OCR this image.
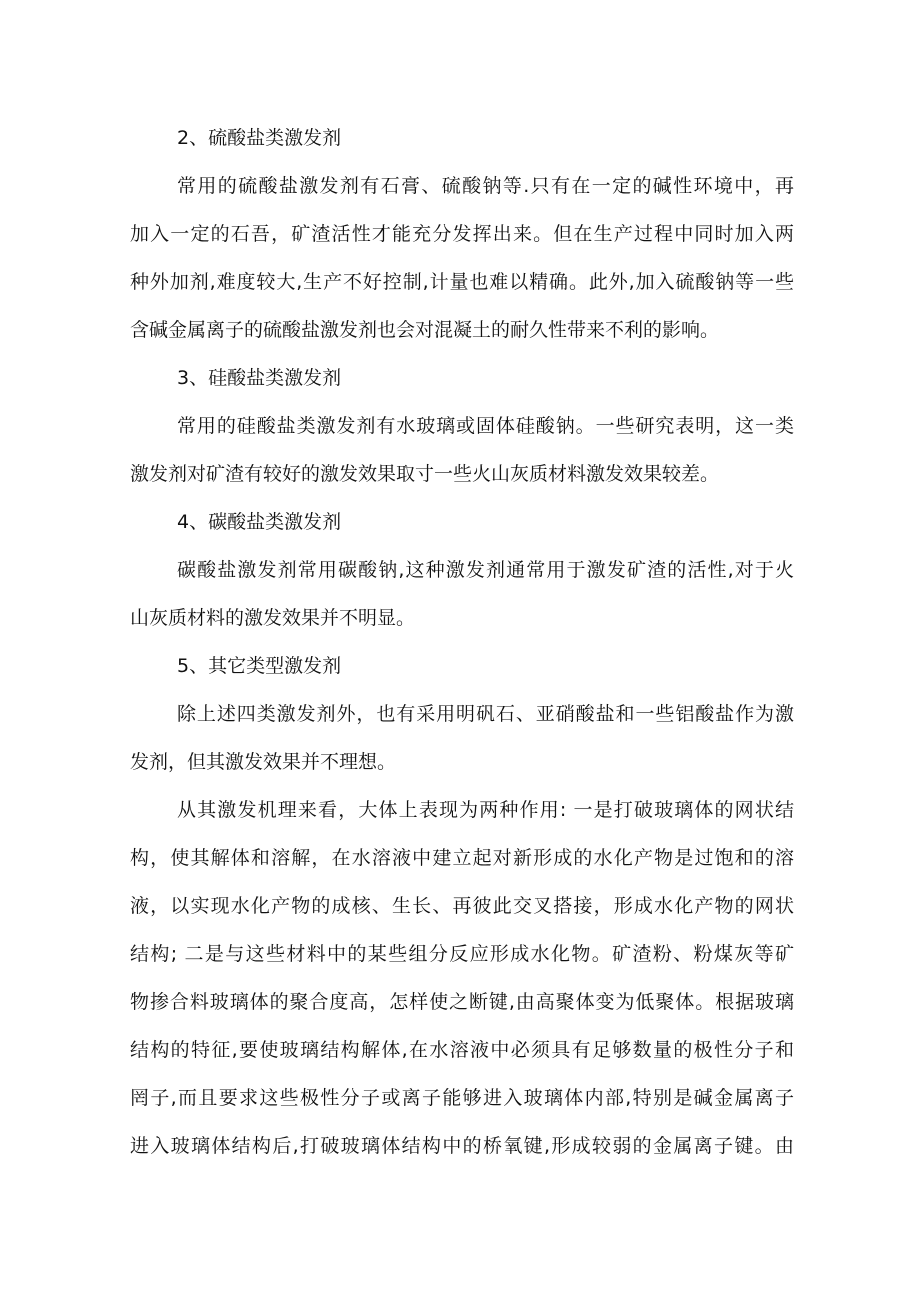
2、硫酸盐类激发剂

常用的硫酸盐激发剂有石膏、硫酸钠等.只有在一定的碱性环境中，再
加入一定的石吾，矿渣活性才能充分发挥出来。但在生产过程中同时加入两
种外加剂,难度较大,生产不好控制,计量也难以精确。此外,加入硫酸钠等一些
含碱金属离子的硫酸盐激发剂也会对混凝土的耐久性带来不利的影响。

3、硅酸盐类激发剂

常用的硅酸盐类激发剂有水玻璃或固体硅酸钠。一些研究表明，这一类
激发剂对矿渣有较好的激发效果取寸一些火山灰质材料激发效果较差。

4、碳酸盐类激发剂

碳酸盐激发剂常用碳酸钠,这种激发剂通常用于激发矿渣的活性,对于火
山灰质材料的激发效果并不明显。

5、其它类型激发剂

除上述四类激发剂外，也有采用明矾石、亚硝酸盐和一些铝酸盐作为激
发剂，但其激发效果并不理想。

从其激发机理来看，大体上表现为两种作用: 一是打破玻璃体的网状结
构，使其解体和溶解，在水溶液中建立起对新形成的水化产物是过饱和的溶
液，以实现水化产物的成核、生长、再彼此交叉搭接，形成水化产物的网状
结构; 二是与这些材料中的某些组分反应形成水化物。矿渣粉、粉煤灰等矿
物掺合料玻璃体的聚合度高，怎样使之断键,由高聚体变为低聚体。根据玻璃
结构的特征,要使玻璃结构解体,在水溶液中必须具有足够数量的极性分子和
罔子,而且要求这些极性分子或离子能够进入玻璃体内部,特别是碱金属离子
进入玻璃体结构后,打破玻璃体结构中的桥氧键,形成较弱的金属离子键。由
